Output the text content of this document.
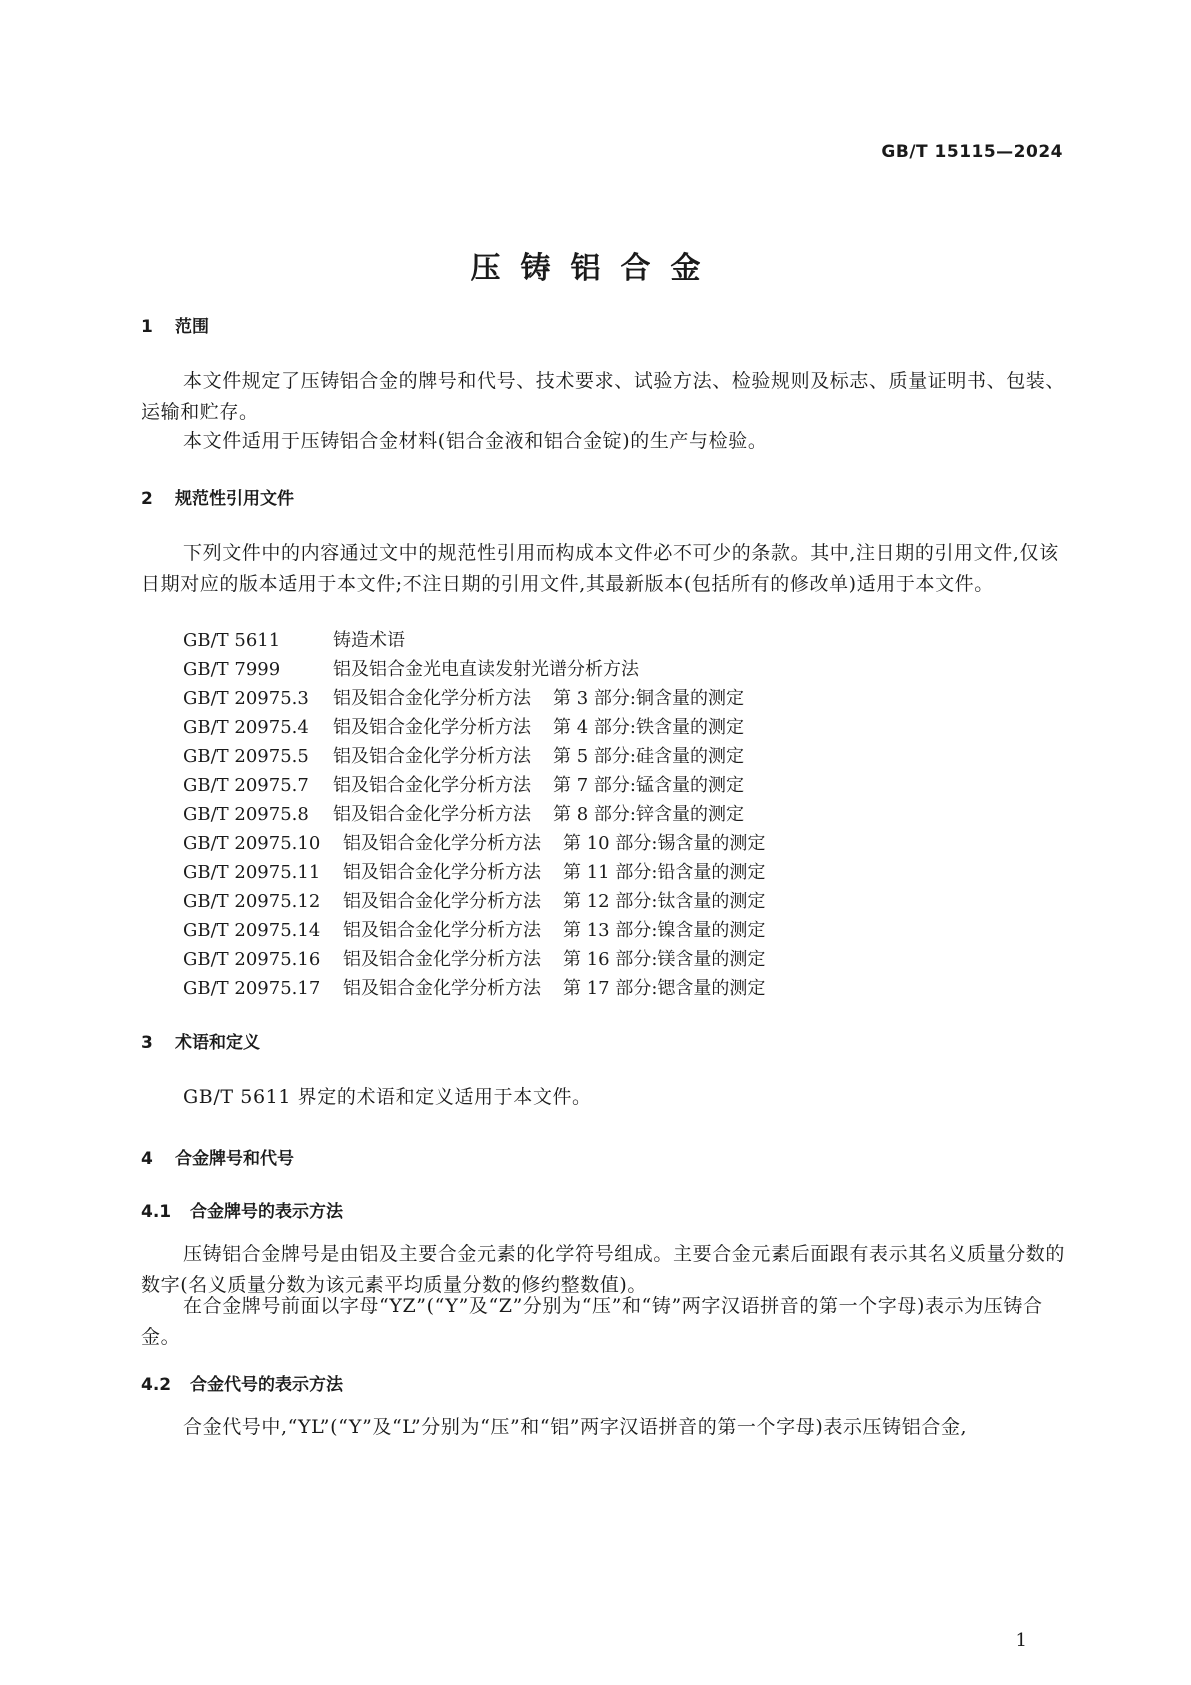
GB/T 15115—2024
压铸铝合金
1 范围
本文件规定了压铸铝合金的牌号和代号、技术要求、试验方法、检验规则及标志、质量证明书、包装、运输和贮存。
本文件适用于压铸铝合金材料(铝合金液和铝合金锭)的生产与检验。
2 规范性引用文件
下列文件中的内容通过文中的规范性引用而构成本文件必不可少的条款。其中,注日期的引用文件,仅该日期对应的版本适用于本文件;不注日期的引用文件,其最新版本(包括所有的修改单)适用于本文件。
GB/T 5611	铸造术语
GB/T 7999	铝及铝合金光电直读发射光谱分析方法
GB/T 20975.3 铝及铝合金化学分析方法 第 3 部分:铜含量的测定
GB/T 20975.4 铝及铝合金化学分析方法 第 4 部分:铁含量的测定
GB/T 20975.5 铝及铝合金化学分析方法 第 5 部分:硅含量的测定
GB/T 20975.7 铝及铝合金化学分析方法 第 7 部分:锰含量的测定
GB/T 20975.8 铝及铝合金化学分析方法 第 8 部分:锌含量的测定
GB/T 20975.10 铝及铝合金化学分析方法 第 10 部分:锡含量的测定
GB/T 20975.11 铝及铝合金化学分析方法 第 11 部分:铅含量的测定
GB/T 20975.12 铝及铝合金化学分析方法 第 12 部分:钛含量的测定
GB/T 20975.14 铝及铝合金化学分析方法 第 13 部分:镍含量的测定
GB/T 20975.16 铝及铝合金化学分析方法 第 16 部分:镁含量的测定
GB/T 20975.17 铝及铝合金化学分析方法 第 17 部分:锶含量的测定
3 术语和定义
GB/T 5611 界定的术语和定义适用于本文件。
4 合金牌号和代号
4.1 合金牌号的表示方法
压铸铝合金牌号是由铝及主要合金元素的化学符号组成。主要合金元素后面跟有表示其名义质量分数的数字(名义质量分数为该元素平均质量分数的修约整数值)。
在合金牌号前面以字母“YZ”(“Y”及“Z”分别为“压”和“铸”两字汉语拼音的第一个字母)表示为压铸合金。
4.2 合金代号的表示方法
合金代号中,“YL”(“Y”及“L”分别为“压”和“铝”两字汉语拼音的第一个字母)表示压铸铝合金,
1
